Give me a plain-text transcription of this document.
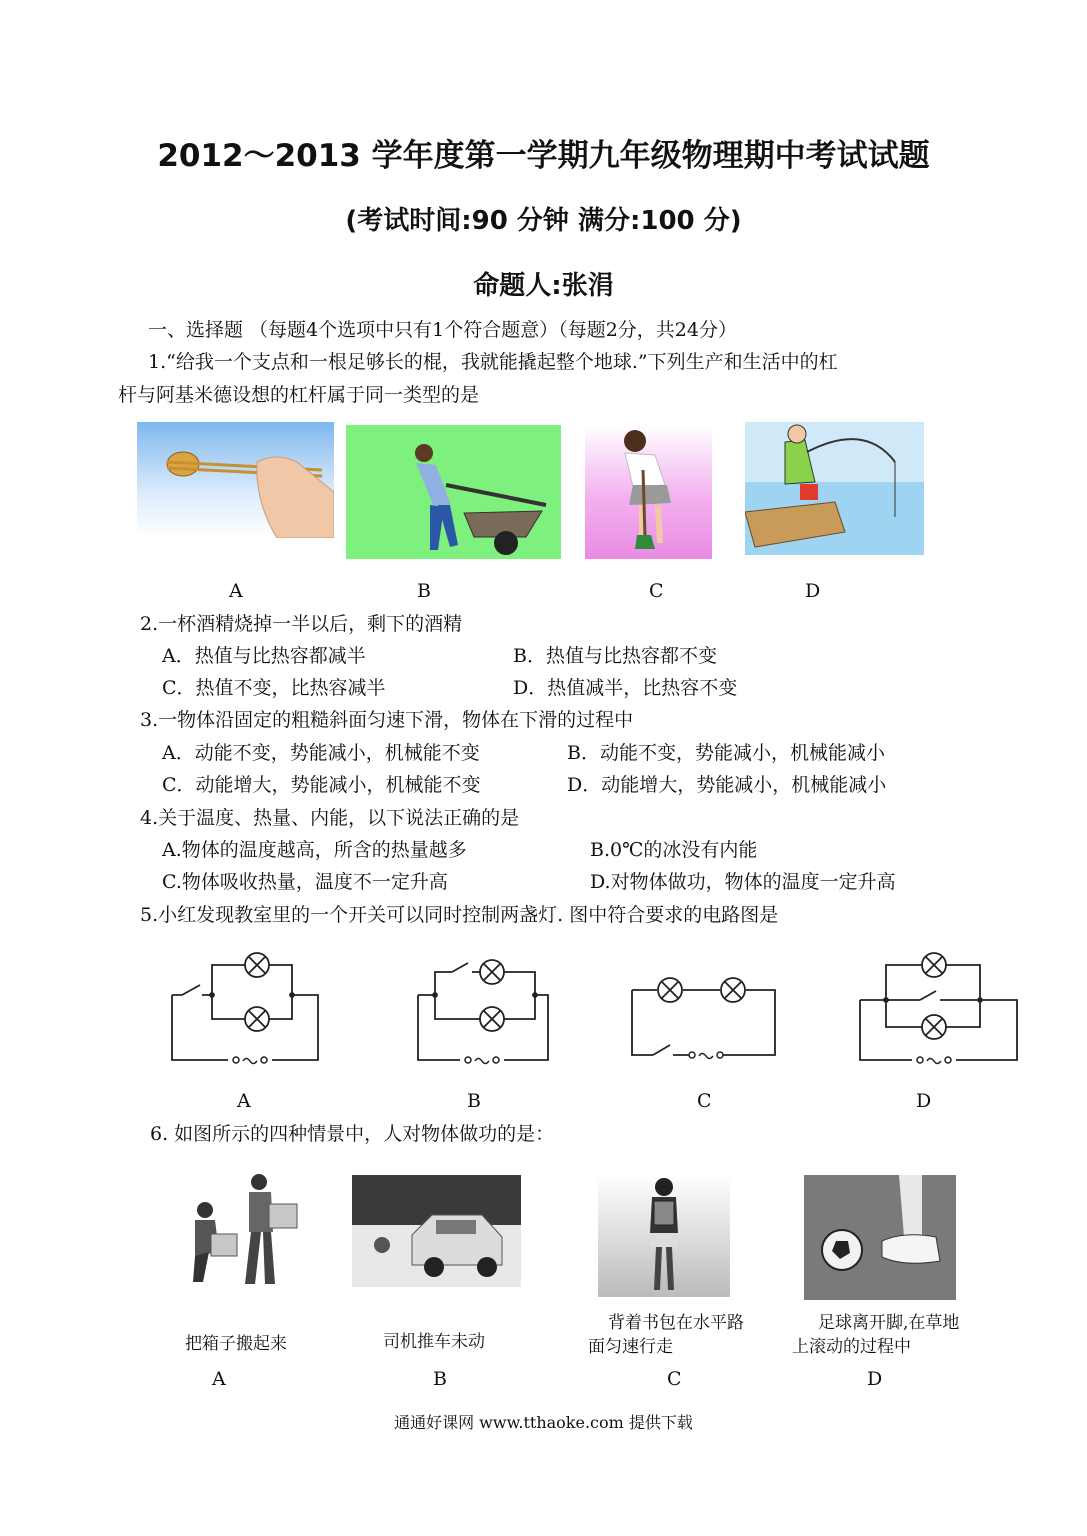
2012～2013 学年度第一学期九年级物理期中考试试题
(考试时间:90 分钟 满分:100 分)
命题人:张涓
一、选择题 （每题4个选项中只有1个符合题意）（每题2分，共24分）
1.“给我一个支点和一根足够长的棍，我就能撬起整个地球.”下列生产和生活中的杠
杆与阿基米德设想的杠杆属于同一类型的是
A	B	C	D
2.一杯酒精烧掉一半以后，剩下的酒精
A．热值与比热容都减半	B．热值与比热容都不变
C．热值不变，比热容减半	D．热值减半，比热容不变
3.一物体沿固定的粗糙斜面匀速下滑，物体在下滑的过程中
A．动能不变，势能减小，机械能不变	B．动能不变，势能减小，机械能减小
C．动能增大，势能减小，机械能不变	D．动能增大，势能减小，机械能减小
4.关于温度、热量、内能，以下说法正确的是
A.物体的温度越高，所含的热量越多	B.0℃的冰没有内能
C.物体吸收热量，温度不一定升高	D.对物体做功，物体的温度一定升高
5.小红发现教室里的一个开关可以同时控制两盏灯. 图中符合要求的电路图是
A	B	C	D
6. 如图所示的四种情景中，人对物体做功的是：
把箱子搬起来	司机推车未动
背着书包在水平路面匀速行走
足球离开脚,在草地上滚动的过程中
A	B	C	D
通通好课网 www.tthaoke.com 提供下载
